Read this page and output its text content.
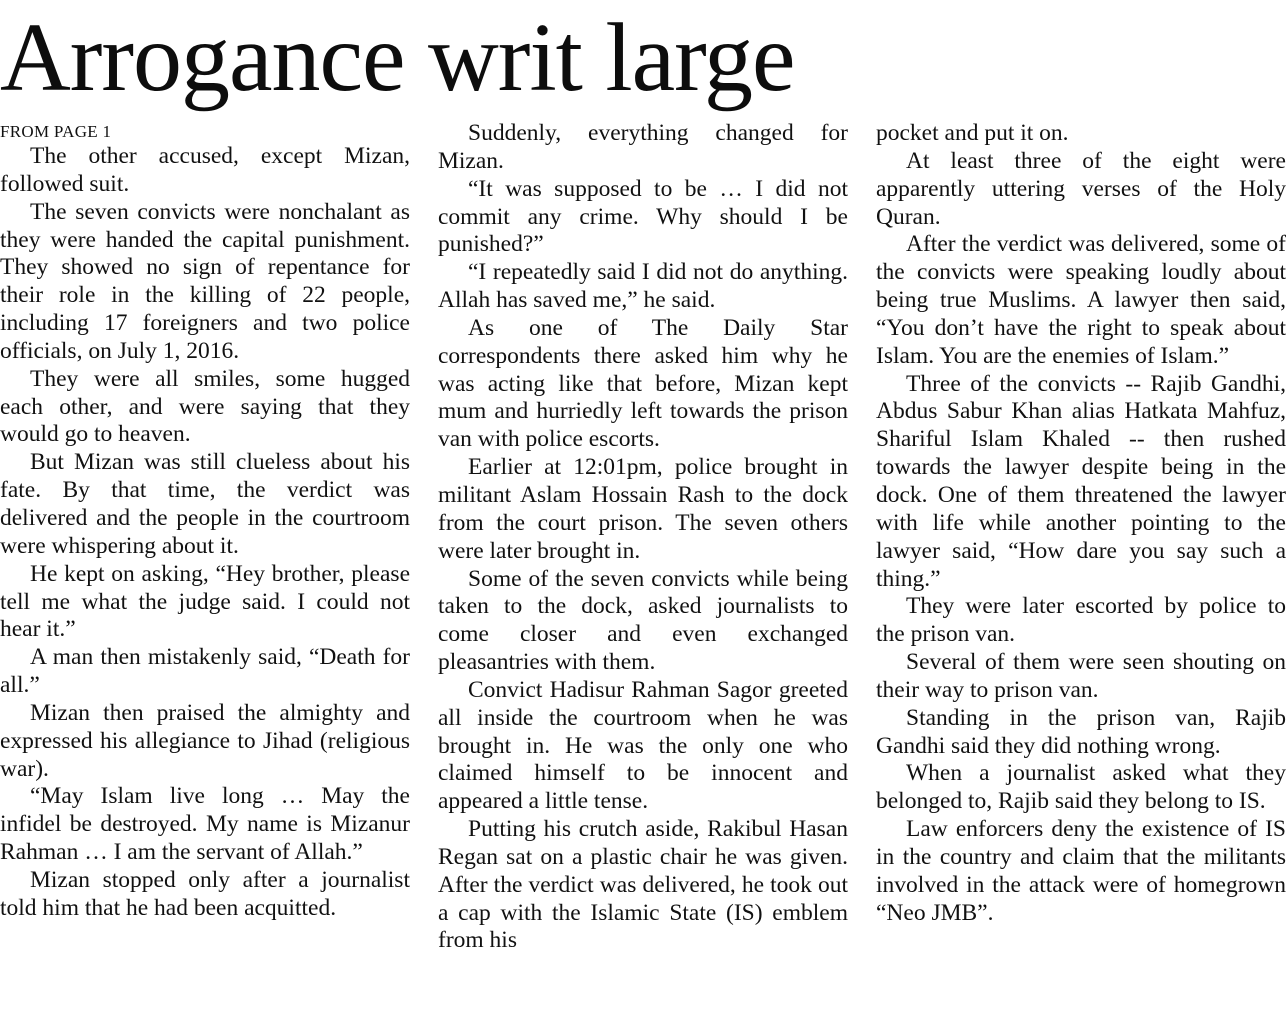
Arrogance writ large
FROM PAGE 1

The other accused, except Mizan, followed suit.

The seven convicts were nonchalant as they were handed the capital punishment. They showed no sign of repentance for their role in the killing of 22 people, including 17 foreigners and two police officials, on July 1, 2016.

They were all smiles, some hugged each other, and were saying that they would go to heaven.

But Mizan was still clueless about his fate. By that time, the verdict was delivered and the people in the courtroom were whispering about it.

He kept on asking, “Hey brother, please tell me what the judge said. I could not hear it.”

A man then mistakenly said, “Death for all.”

Mizan then praised the almighty and expressed his allegiance to Jihad (religious war).

“May Islam live long … May the infidel be destroyed. My name is Mizanur Rahman … I am the servant of Allah.”

Mizan stopped only after a journalist told him that he had been acquitted.

Suddenly, everything changed for Mizan.

“It was supposed to be … I did not commit any crime. Why should I be punished?”

“I repeatedly said I did not do anything. Allah has saved me,” he said.

As one of The Daily Star correspondents there asked him why he was acting like that before, Mizan kept mum and hurriedly left towards the prison van with police escorts.

Earlier at 12:01pm, police brought in militant Aslam Hossain Rash to the dock from the court prison. The seven others were later brought in.

Some of the seven convicts while being taken to the dock, asked journalists to come closer and even exchanged pleasantries with them.

Convict Hadisur Rahman Sagor greeted all inside the courtroom when he was brought in. He was the only one who claimed himself to be innocent and appeared a little tense.

Putting his crutch aside, Rakibul Hasan Regan sat on a plastic chair he was given. After the verdict was delivered, he took out a cap with the Islamic State (IS) emblem from his

pocket and put it on.

At least three of the eight were apparently uttering verses of the Holy Quran.

After the verdict was delivered, some of the convicts were speaking loudly about being true Muslims. A lawyer then said, “You don’t have the right to speak about Islam. You are the enemies of Islam.”

Three of the convicts -- Rajib Gandhi, Abdus Sabur Khan alias Hatkata Mahfuz, Shariful Islam Khaled -- then rushed towards the lawyer despite being in the dock. One of them threatened the lawyer with life while another pointing to the lawyer said, “How dare you say such a thing.”

They were later escorted by police to the prison van.

Several of them were seen shouting on their way to prison van.

Standing in the prison van, Rajib Gandhi said they did nothing wrong.

When a journalist asked what they belonged to, Rajib said they belong to IS.

Law enforcers deny the existence of IS in the country and claim that the militants involved in the attack were of homegrown “Neo JMB”.
